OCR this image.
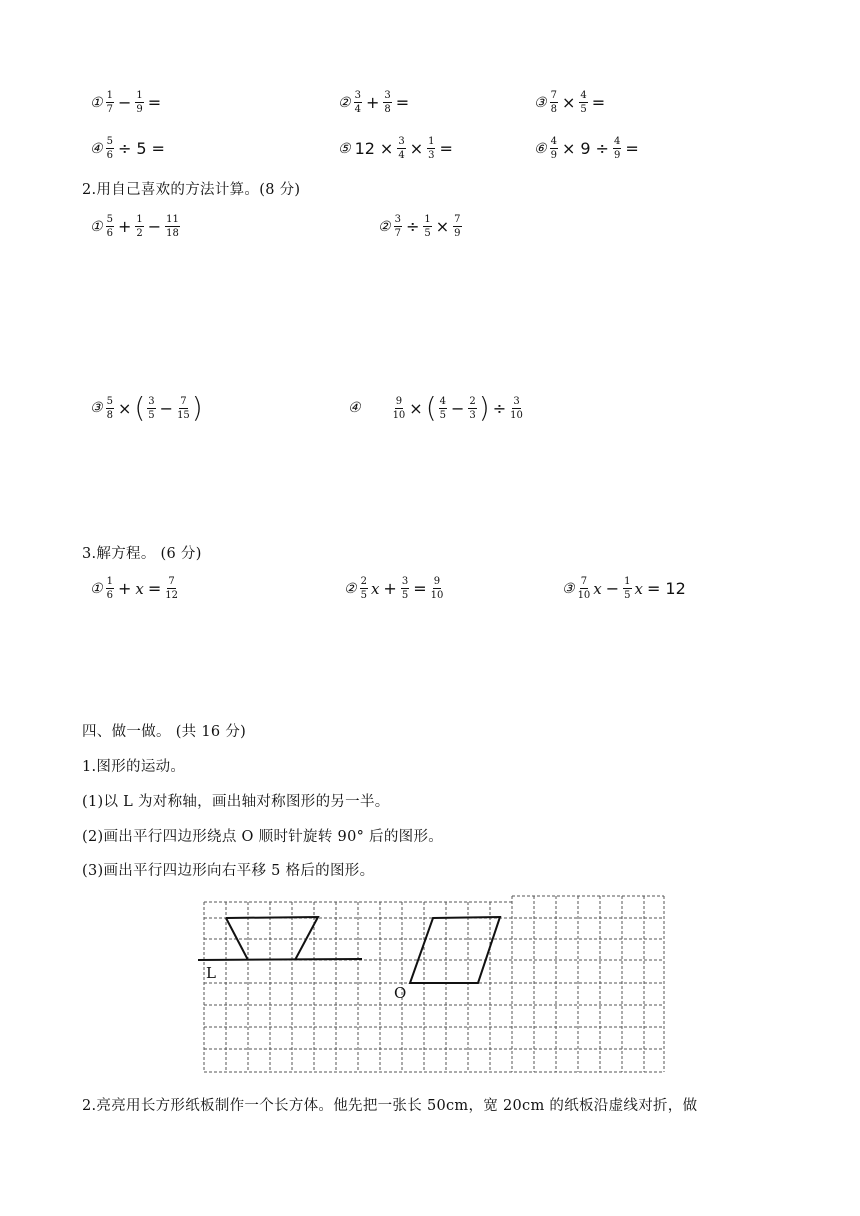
① $\frac{1}{7} - \frac{1}{9}$ =	② $\frac{3}{4} + \frac{3}{8}$ =	③ $\frac{7}{8} \times \frac{4}{5}$ =
④ $\frac{5}{6} \div 5$ =	⑤ $12 \times \frac{3}{4} \times \frac{1}{3}$ =	⑥ $\frac{4}{9} \times 9 \div \frac{4}{9}$ =
2.用自己喜欢的方法计算。(8 分)
① $\frac{5}{6} + \frac{1}{2} - \frac{11}{18}$	② $\frac{3}{7} \div \frac{1}{5} \times \frac{7}{9}$
③ $\frac{5}{8}$ × ( $\frac{3}{5} - \frac{7}{15}$ )	④	$\frac{9}{10}$ × ( $\frac{4}{5} - \frac{2}{3}$ ) ÷ $\frac{3}{10}$
3.解方程。 (6 分)
① $\frac{1}{6} + x = \frac{7}{12}$	② $\frac{2}{5}$ $x + \frac{3}{5} = \frac{9}{10}$	③ $\frac{7}{10}$ $x - \frac{1}{5}$ x = 12
四、做一做。 (共 16 分)
1.图形的运动。
(1)以 L 为对称轴，画出轴对称图形的另一半。
(2)画出平行四边形绕点 O 顺时针旋转 90° 后的图形。
(3)画出平行四边形向右平移 5 格后的图形。
L
O
2.亮亮用长方形纸板制作一个长方体。他先把一张长 50cm，宽 20cm 的纸板沿虚线对折，做
